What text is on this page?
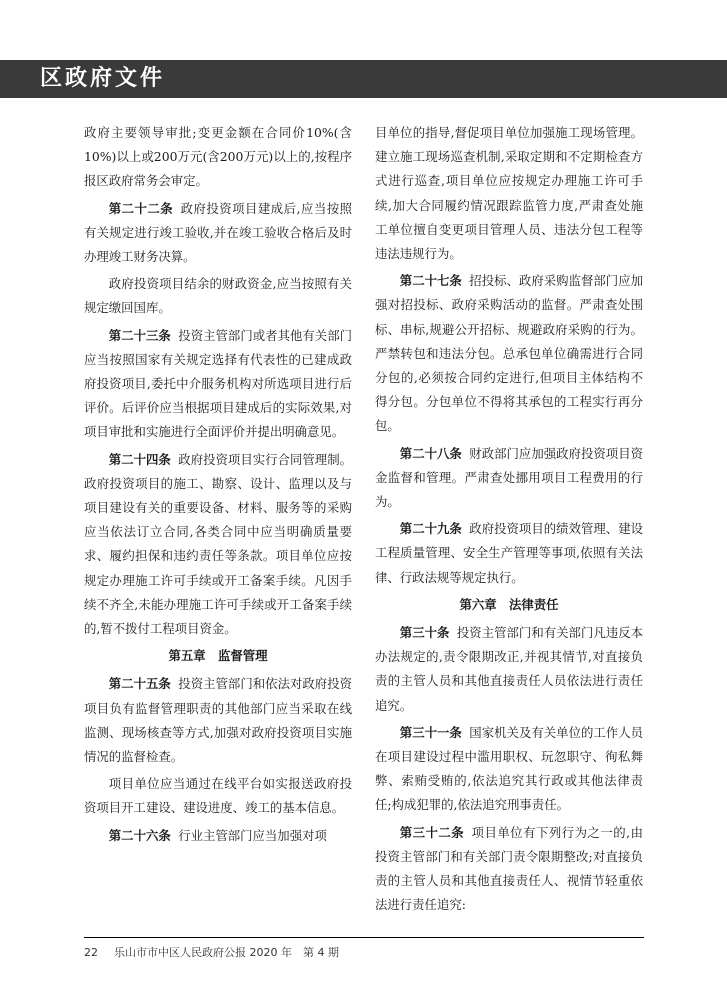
区政府文件

政府主要领导审批;变更金额在合同价10%(含10%)以上或200万元(含200万元)以上的,按程序报区政府常务会审定。

第二十二条 政府投资项目建成后,应当按照有关规定进行竣工验收,并在竣工验收合格后及时办理竣工财务决算。

政府投资项目结余的财政资金,应当按照有关规定缴回国库。

第二十三条 投资主管部门或者其他有关部门应当按照国家有关规定选择有代表性的已建成政府投资项目,委托中介服务机构对所选项目进行后评价。后评价应当根据项目建成后的实际效果,对项目审批和实施进行全面评价并提出明确意见。

第二十四条 政府投资项目实行合同管理制。政府投资项目的施工、勘察、设计、监理以及与项目建设有关的重要设备、材料、服务等的采购应当依法订立合同,各类合同中应当明确质量要求、履约担保和违约责任等条款。项目单位应按规定办理施工许可手续或开工备案手续。凡因手续不齐全,未能办理施工许可手续或开工备案手续的,暂不拨付工程项目资金。

第五章　监督管理

第二十五条 投资主管部门和依法对政府投资项目负有监督管理职责的其他部门应当采取在线监测、现场核查等方式,加强对政府投资项目实施情况的监督检查。

项目单位应当通过在线平台如实报送政府投资项目开工建设、建设进度、竣工的基本信息。

第二十六条 行业主管部门应当加强对项

目单位的指导,督促项目单位加强施工现场管理。建立施工现场巡查机制,采取定期和不定期检查方式进行巡查,项目单位应按规定办理施工许可手续,加大合同履约情况跟踪监管力度,严肃查处施工单位擅自变更项目管理人员、违法分包工程等违法违规行为。

第二十七条 招投标、政府采购监督部门应加强对招投标、政府采购活动的监督。严肃查处围标、串标,规避公开招标、规避政府采购的行为。严禁转包和违法分包。总承包单位确需进行合同分包的,必须按合同约定进行,但项目主体结构不得分包。分包单位不得将其承包的工程实行再分包。

第二十八条 财政部门应加强政府投资项目资金监督和管理。严肃查处挪用项目工程费用的行为。

第二十九条 政府投资项目的绩效管理、建设工程质量管理、安全生产管理等事项,依照有关法律、行政法规等规定执行。

第六章　法律责任

第三十条 投资主管部门和有关部门凡违反本办法规定的,责令限期改正,并视其情节,对直接负责的主管人员和其他直接责任人员依法进行责任追究。

第三十一条 国家机关及有关单位的工作人员在项目建设过程中滥用职权、玩忽职守、徇私舞弊、索贿受贿的,依法追究其行政或其他法律责任;构成犯罪的,依法追究刑事责任。

第三十二条 项目单位有下列行为之一的,由投资主管部门和有关部门责令限期整改;对直接负责的主管人员和其他直接责任人、视情节轻重依法进行责任追究:

22 乐山市市中区人民政府公报 2020 年　第 4 期
